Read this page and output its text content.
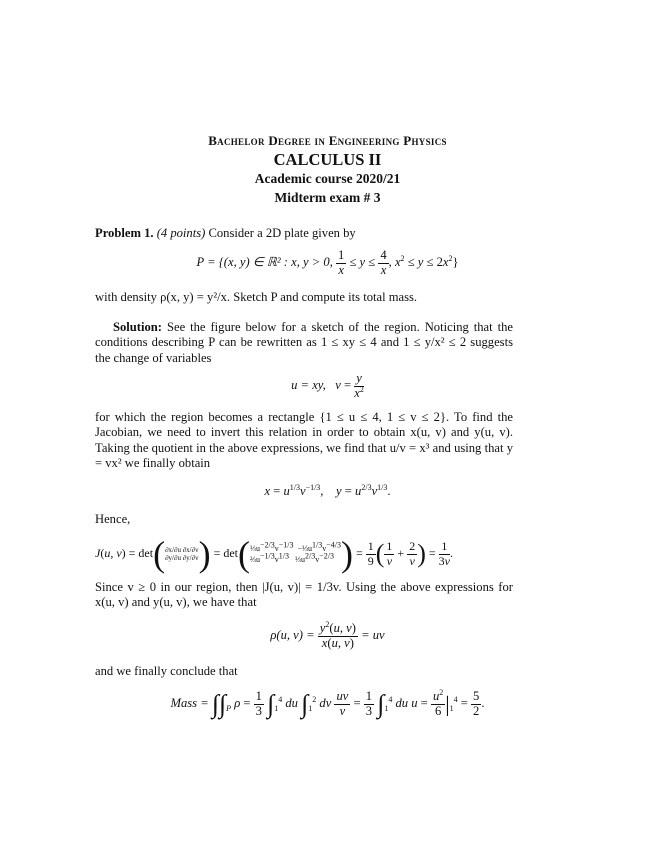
Bachelor Degree in Engineering Physics
CALCULUS II
Academic course 2020/21
Midterm exam # 3
Problem 1. (4 points) Consider a 2D plate given by
P = {(x, y) ∈ ℝ² : x, y > 0, $\frac{1}{x} \le y \le \frac{4}{x}$ , $x^2 \le y \le 2x^2$}
with density ρ(x, y) = y²/x. Sketch P and compute its total mass.
Solution: See the figure below for a sketch of the region. Noticing that the conditions describing P can be rewritten as 1 ≤ xy ≤ 4 and 1 ≤ y/x² ≤ 2 suggests the change of variables
u = xy, $v = \frac{y}{x^2}$
for which the region becomes a rectangle {1 ≤ u ≤ 4, 1 ≤ v ≤ 2}. To find the Jacobian, we need to invert this relation in order to obtain x(u, v) and y(u, v). Taking the quotient in the above expressions, we find that u/v = x³ and using that y = vx² we finally obtain
$x = u^{1/3}v^{-1/3}$,    $y = u^{2/3}v^{1/3}$.
Hence,
J(u, v) = det(∂x/∂u ∂x/∂v
∂y/∂u $\partial y/\partial v) = \det(\frac{1}{3}u^{-2/3}v^{-1/3}$  $-\frac{1}{3}u^{1/3}v^{-4/3}$
$\frac{2}{3}u^{-1/3}v^{1/3}$   $\frac{1}{3}u^{2/3}v^{-2/3}$ ) = $\frac{1}{9}$ ( $\frac{1}{v} + \frac{2}{v}$ ) = $\frac{1}{3v}$ .
Since v ≥ 0 in our region, then |J(u, v)| = 1/3v. Using the above expressions for x(u, v) and y(u, v), we have that
ρ(u, $v) = \frac{y^2(u, v)}{x(u, v)}$ = uv
and we finally conclude that
Mass = $\int\int_P$ $\rho = \frac{1}{3} \int_1^4$ du $\int_1^2$ dv $\frac{uv}{v} = \frac{1}{3} \int_1^4$ du $u = \frac{u^2}{6} |_1^4 = \frac{5}{2}$ .
